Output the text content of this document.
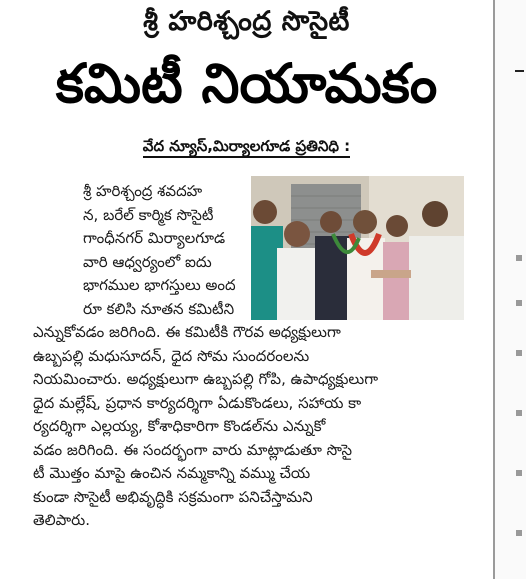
శ్రీ హరిశ్చంద్ర సొసైటీ
కమిటీ నియామకం
వేద న్యూస్,మిర్యాలగూడ ప్రతినిధి :
శ్రీ హరిశ్చంద్ర శవదహ
న, బరేల్ కార్మిక సొసైటీ
గాంధీనగర్ మిర్యాలగూడ
వారి ఆధ్వర్యంలో ఐదు
భాగముల భాగస్తులు అంద
రూ కలిసి నూతన కమిటీని
ఎన్నుకోవడం జరిగింది. ఈ కమిటీకి గౌరవ అధ్యక్షులుగా
ఉబ్బపల్లి మధుసూదన్, ధైద సోమ సుందరంలను
నియమించారు. అధ్యక్షులుగా ఉబ్బపల్లి గోపి, ఉపాధ్యక్షులుగా
ధైద మల్లేష్, ప్రధాన కార్యదర్శిగా ఏడుకొండలు, సహాయ కా
ర్యదర్శిగా ఎల్లయ్య, కోశాధికారిగా కొండల్‌ను ఎన్నుకో
వడం జరిగింది. ఈ సందర్భంగా వారు మాట్లాడుతూ సొసై
టీ మొత్తం మాపై ఉంచిన నమ్మకాన్ని వమ్ము చేయ
కుండా సొసైటీ అభివృద్ధికి సక్రమంగా పనిచేస్తామని
తెలిపారు.
